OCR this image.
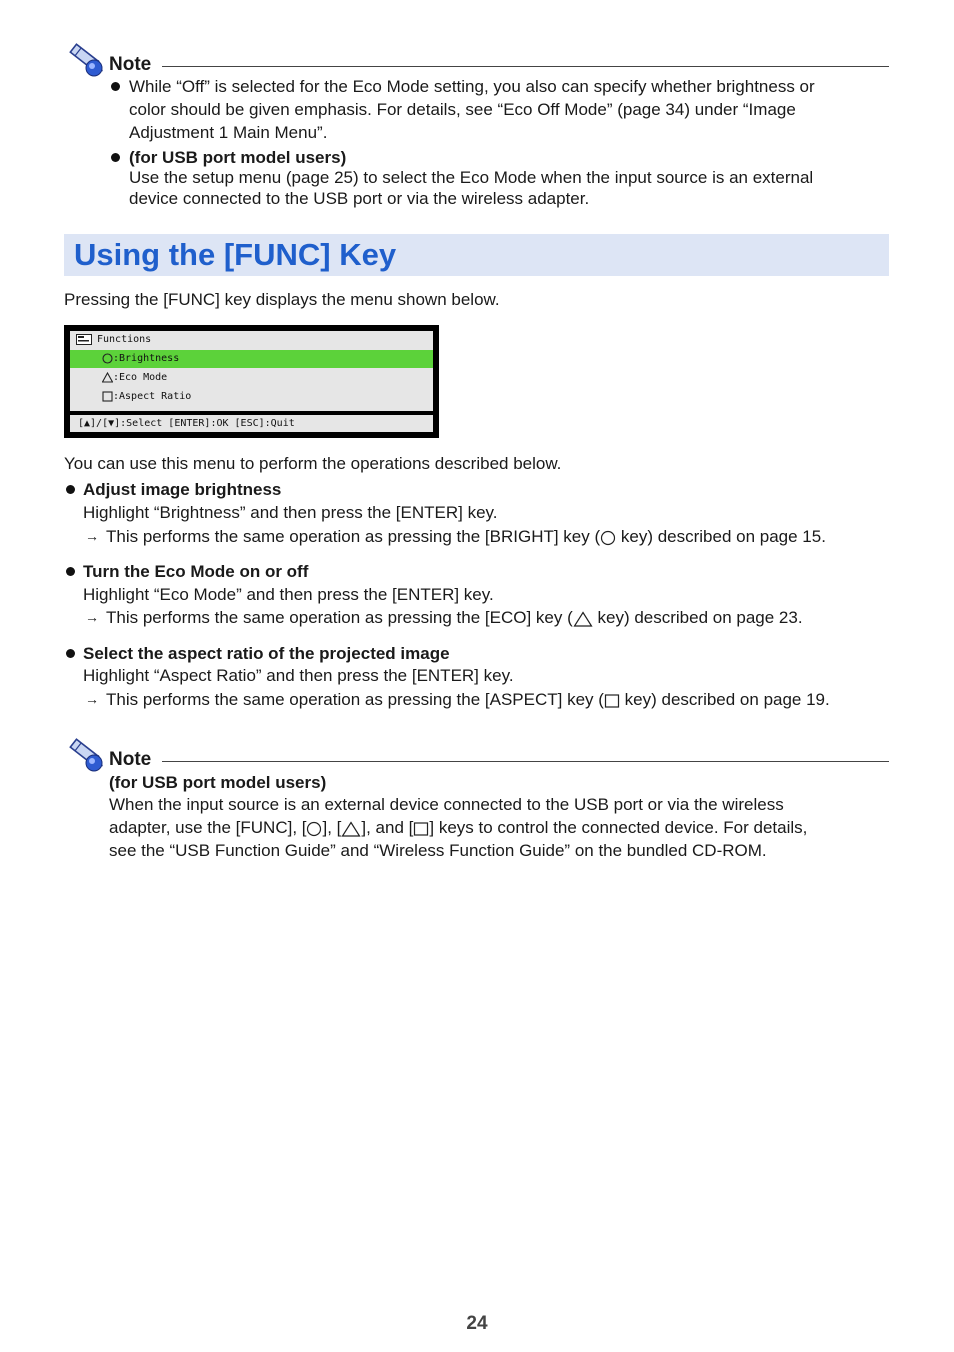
Note
While “Off” is selected for the Eco Mode setting, you also can specify whether brightness or
color should be given emphasis. For details, see “Eco Off Mode” (page 34) under “Image
Adjustment 1 Main Menu”.
(for USB port model users)
Use the setup menu (page 25) to select the Eco Mode when the input source is an external
device connected to the USB port or via the wireless adapter.
Using the [FUNC] Key
Pressing the [FUNC] key displays the menu shown below.
Functions
:Brightness
:Eco Mode
:Aspect Ratio
[▲]/[▼]:Select [ENTER]:OK [ESC]:Quit
You can use this menu to perform the operations described below.
Adjust image brightness
Highlight “Brightness” and then press the [ENTER] key.
→ This performs the same operation as pressing the [BRIGHT] key ( key) described on page 15.
Turn the Eco Mode on or off
Highlight “Eco Mode” and then press the [ENTER] key.
→ This performs the same operation as pressing the [ECO] key ( key) described on page 23.
Select the aspect ratio of the projected image
Highlight “Aspect Ratio” and then press the [ENTER] key.
→ This performs the same operation as pressing the [ASPECT] key ( key) described on page 19.
Note
(for USB port model users)
When the input source is an external device connected to the USB port or via the wireless
adapter, use the [FUNC], [ ], [ ], and [ ] keys to control the connected device. For details,
see the “USB Function Guide” and “Wireless Function Guide” on the bundled CD-ROM.
24
